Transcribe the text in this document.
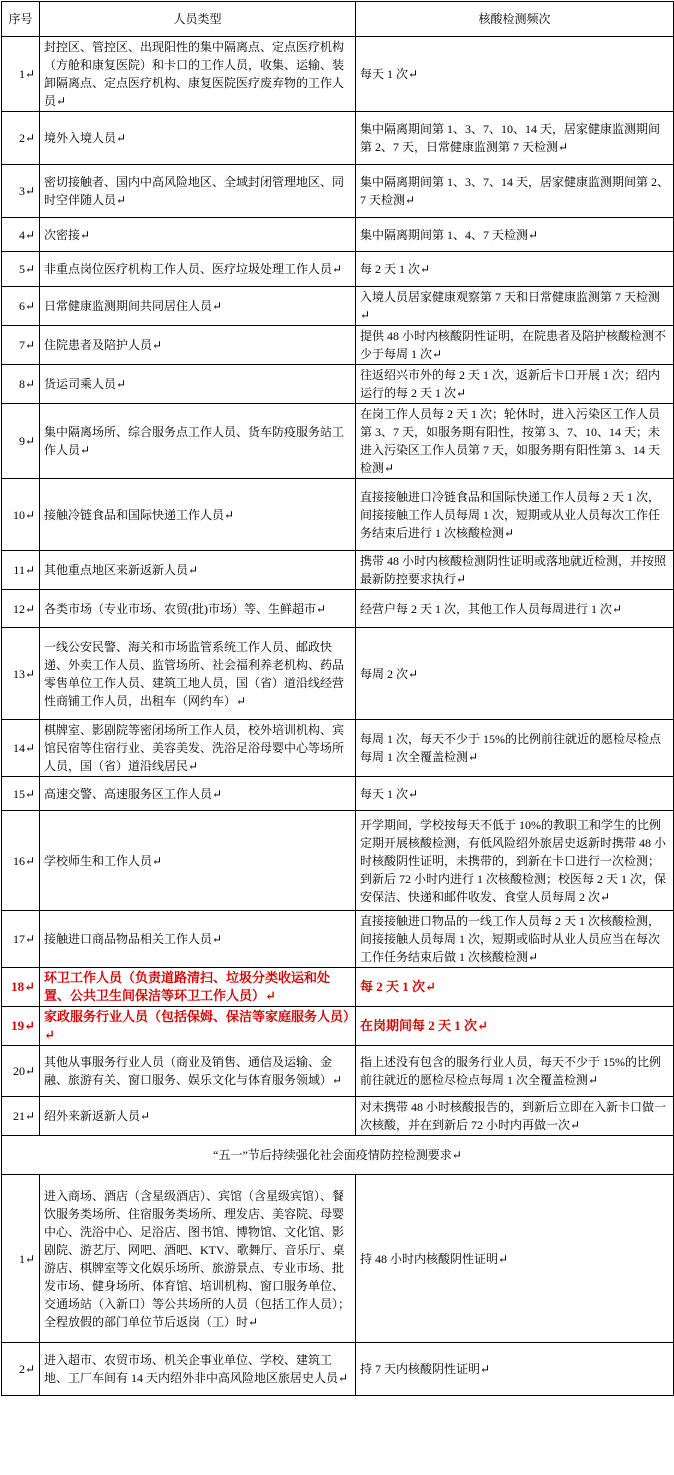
序号	人员类型	核酸检测频次
1↵	封控区、管控区、出现阳性的集中隔离点、定点医疗机构（方舱和康复医院）和卡口的工作人员，收集、运输、装卸隔离点、定点医疗机构、康复医院医疗废弃物的工作人员↵	每天 1 次↵
2↵	境外入境人员↵	集中隔离期间第 1、3、7、10、14 天，居家健康监测期间第 2、7 天，日常健康监测第 7 天检测↵
3↵	密切接触者、国内中高风险地区、全域封闭管理地区、同时空伴随人员↵	集中隔离期间第 1、3、7、14 天，居家健康监测期间第 2、7 天检测↵
4↵	次密接↵	集中隔离期间第 1、4、7 天检测↵
5↵	非重点岗位医疗机构工作人员、医疗垃圾处理工作人员↵	每 2 天 1 次↵
6↵	日常健康监测期间共同居住人员↵	入境人员居家健康观察第 7 天和日常健康监测第 7 天检测↵
7↵	住院患者及陪护人员↵	提供 48 小时内核酸阴性证明，在院患者及陪护核酸检测不少于每周 1 次↵
8↵	货运司乘人员↵	往返绍兴市外的每 2 天 1 次，返新后卡口开展 1 次；绍内运行的每 2 天 1 次↵
9↵	集中隔离场所、综合服务点工作人员、货车防疫服务站工作人员↵	在岗工作人员每 2 天 1 次；轮休时，进入污染区工作人员第 3、7 天，如服务期有阳性，按第 3、7、10、14 天；未进入污染区工作人员第 7 天，如服务期有阳性第 3、14 天检测↵
10↵	接触冷链食品和国际快递工作人员↵	直接接触进口冷链食品和国际快递工作人员每 2 天 1 次，间接接触工作人员每周 1 次，短期或从业人员每次工作任务结束后进行 1 次核酸检测↵
11↵	其他重点地区来新返新人员↵	携带 48 小时内核酸检测阴性证明或落地就近检测，并按照最新防控要求执行↵
12↵	各类市场（专业市场、农贸(批)市场）等、生鲜超市↵	经营户每 2 天 1 次，其他工作人员每周进行 1 次↵
13↵	一线公安民警、海关和市场监管系统工作人员、邮政快递、外卖工作人员、监管场所、社会福利养老机构、药品零售单位工作人员、建筑工地人员，国（省）道沿线经营性商铺工作人员，出租车（网约车）↵	每周 2 次↵
14↵	棋牌室、影剧院等密闭场所工作人员，校外培训机构、宾馆民宿等住宿行业、美容美发、洗浴足浴母婴中心等场所人员，国（省）道沿线居民↵	每周 1 次，每天不少于 15%的比例前往就近的愿检尽检点每周 1 次全覆盖检测↵
15↵	高速交警、高速服务区工作人员↵	每天 1 次↵
16↵	学校师生和工作人员↵	开学期间，学校按每天不低于 10%的教职工和学生的比例定期开展核酸检测，有低风险绍外旅居史返新时携带 48 小时核酸阴性证明，未携带的，到新在卡口进行一次检测；到新后 72 小时内进行 1 次核酸检测；校医每 2 天 1 次，保安保洁、快递和邮件收发、食堂人员每周 2 次↵
17↵	接触进口商品物品相关工作人员↵	直接接触进口物品的一线工作人员每 2 天 1 次核酸检测，间接接触人员每周 1 次，短期或临时从业人员应当在每次工作任务结束后做 1 次核酸检测↵
18↵	环卫工作人员（负责道路清扫、垃圾分类收运和处置、公共卫生间保洁等环卫工作人员）↵	每 2 天 1 次↵
19↵	家政服务行业人员（包括保姆、保洁等家庭服务人员）↵	在岗期间每 2 天 1 次↵
20↵	其他从事服务行业人员（商业及销售、通信及运输、金融、旅游有关、窗口服务、娱乐文化与体育服务领域）↵	指上述没有包含的服务行业人员，每天不少于 15%的比例前往就近的愿检尽检点每周 1 次全覆盖检测↵
21↵	绍外来新返新人员↵	对未携带 48 小时核酸报告的，到新后立即在入新卡口做一次核酸，并在到新后 72 小时内再做一次↵
“五一”节后持续强化社会面疫情防控检测要求↵		
1↵	进入商场、酒店（含星级酒店）、宾馆（含星级宾馆）、餐饮服务类场所、住宿服务类场所、理发店、美容院、母婴中心、洗浴中心、足浴店、图书馆、博物馆、文化馆、影剧院、游艺厅、网吧、酒吧、KTV、歌舞厅、音乐厅、桌游店、棋牌室等文化娱乐场所、旅游景点、专业市场、批发市场、健身场所、体育馆、培训机构、窗口服务单位、交通场站（入新口）等公共场所的人员（包括工作人员）；全程放假的部门单位节后返岗（工）时↵	持 48 小时内核酸阴性证明↵
2↵	进入超市、农贸市场、机关企事业单位、学校、建筑工地、工厂车间有 14 天内绍外非中高风险地区旅居史人员↵	持 7 天内核酸阴性证明↵
